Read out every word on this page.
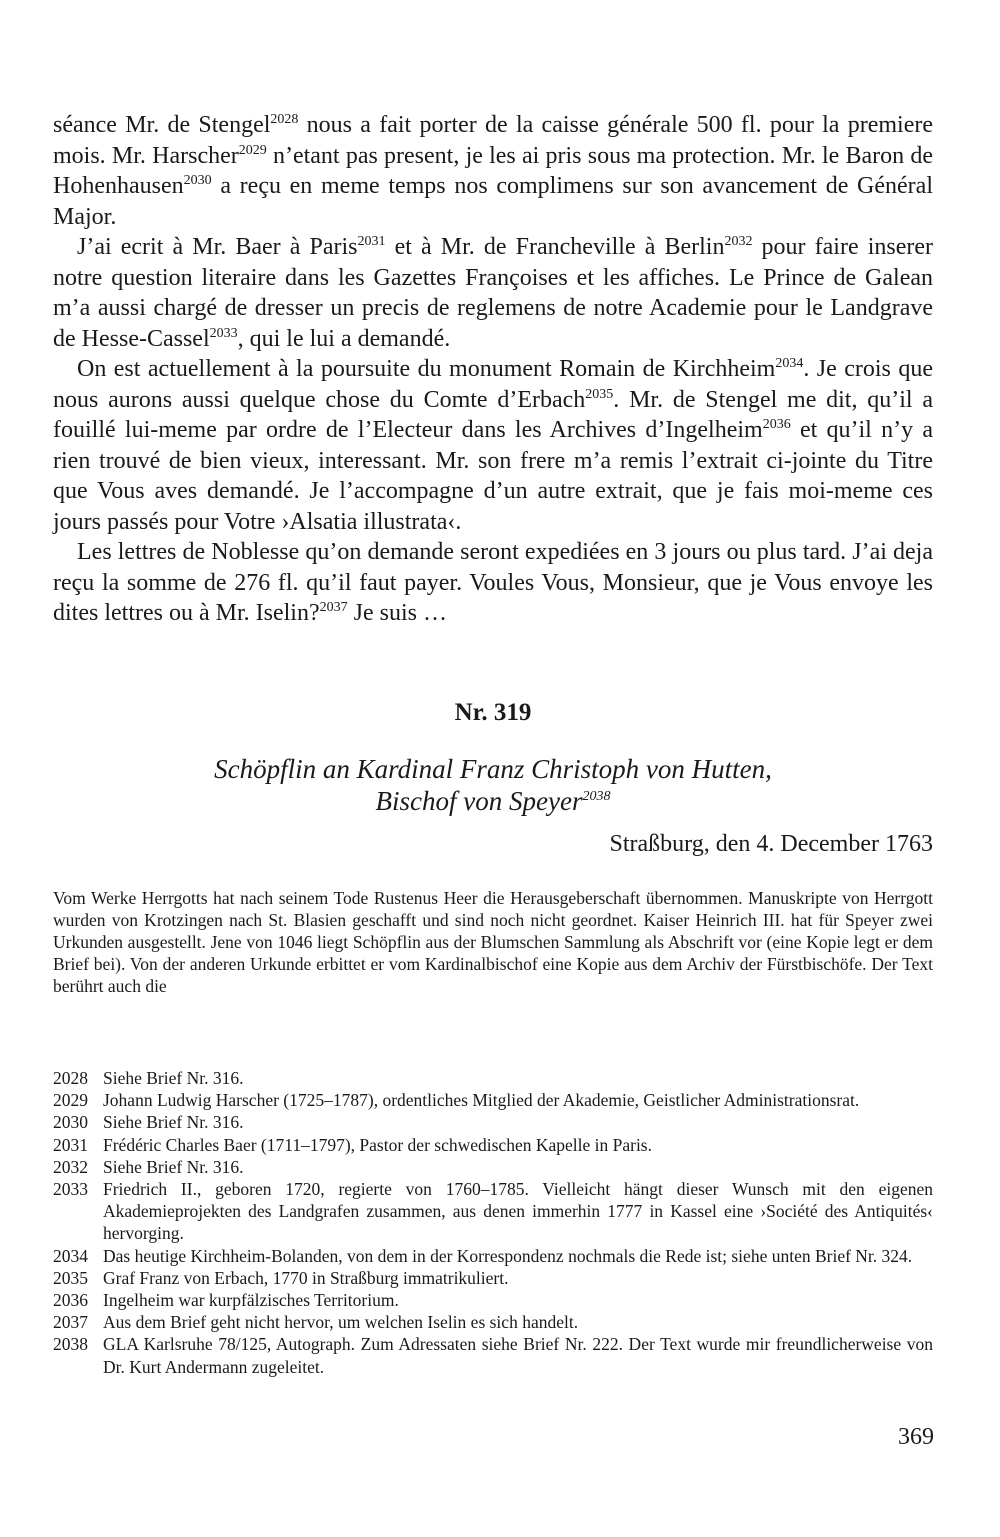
séance Mr. de Stengel$^{2028}$ nous a fait porter de la caisse générale 500 fl. pour la premiere mois. Mr. Harscher$^{2029}$ n’etant pas present, je les ai pris sous ma protection. Mr. le Baron de Hohenhausen$^{2030}$ a reçu en meme temps nos complimens sur son avancement de Général Major.

J’ai ecrit à Mr. Baer à Paris$^{2031}$ et à Mr. de Francheville à Berlin$^{2032}$ pour faire inserer notre question literaire dans les Gazettes Françoises et les affiches. Le Prince de Galean m’a aussi chargé de dresser un precis de reglemens de notre Academie pour le Landgrave de Hesse-Cassel$^{2033}$, qui le lui a demandé.

On est actuellement à la poursuite du monument Romain de Kirchheim$^{2034}$. Je crois que nous aurons aussi quelque chose du Comte d’Erbach$^{2035}$. Mr. de Stengel me dit, qu’il a fouillé lui-meme par ordre de l’Electeur dans les Archives d’Ingelheim$^{2036}$ et qu’il n’y a rien trouvé de bien vieux, interessant. Mr. son frere m’a remis l’extrait ci-jointe du Titre que Vous aves demandé. Je l’accompagne d’un autre extrait, que je fais moi-meme ces jours passés pour Votre ›Alsatia illustrata‹.

Les lettres de Noblesse qu’on demande seront expediées en 3 jours ou plus tard. J’ai deja reçu la somme de 276 fl. qu’il faut payer. Voules Vous, Monsieur, que je Vous envoye les dites lettres ou à Mr. Iselin?$^{2037}$ Je suis …

Nr. 319
Schöpflin an Kardinal Franz Christoph von Hutten,
Bischof von Speyer$^{2038}$
Straßburg, den 4. December 1763
Vom Werke Herrgotts hat nach seinem Tode Rustenus Heer die Herausgeberschaft übernommen. Manuskripte von Herrgott wurden von Krotzingen nach St. Blasien geschafft und sind noch nicht geordnet. Kaiser Heinrich III. hat für Speyer zwei Urkunden ausgestellt. Jene von 1046 liegt Schöpflin aus der Blumschen Sammlung als Abschrift vor (eine Kopie legt er dem Brief bei). Von der anderen Urkunde erbittet er vom Kardinalbischof eine Kopie aus dem Archiv der Fürstbischöfe. Der Text berührt auch die
2028 Siehe Brief Nr. 316.
2029 Johann Ludwig Harscher (1725–1787), ordentliches Mitglied der Akademie, Geistlicher Administrationsrat.
2030 Siehe Brief Nr. 316.
2031 Frédéric Charles Baer (1711–1797), Pastor der schwedischen Kapelle in Paris.
2032 Siehe Brief Nr. 316.
2033 Friedrich II., geboren 1720, regierte von 1760–1785. Vielleicht hängt dieser Wunsch mit den eigenen Akademieprojekten des Landgrafen zusammen, aus denen immerhin 1777 in Kassel eine ›Société des Antiquités‹ hervorging.
2034 Das heutige Kirchheim-Bolanden, von dem in der Korrespondenz nochmals die Rede ist; siehe unten Brief Nr. 324.
2035 Graf Franz von Erbach, 1770 in Straßburg immatrikuliert.
2036 Ingelheim war kurpfälzisches Territorium.
2037 Aus dem Brief geht nicht hervor, um welchen Iselin es sich handelt.
2038 GLA Karlsruhe 78/125, Autograph. Zum Adressaten siehe Brief Nr. 222. Der Text wurde mir freundlicherweise von Dr. Kurt Andermann zugeleitet.
369
